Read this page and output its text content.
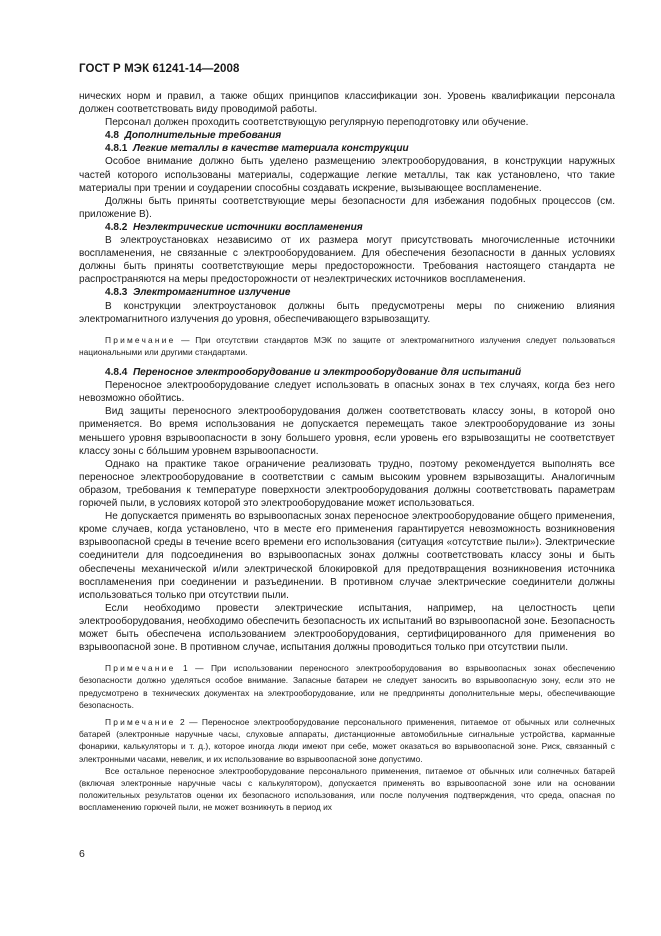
ГОСТ Р МЭК 61241-14—2008

нических норм и правил, а также общих принципов классификации зон. Уровень квалификации персонала должен соответствовать виду проводимой работы.

Персонал должен проходить соответствующую регулярную переподготовку или обучение.

4.8 Дополнительные требования

4.8.1 Легкие металлы в качестве материала конструкции

Особое внимание должно быть уделено размещению электрооборудования, в конструкции наружных частей которого использованы материалы, содержащие легкие металлы, так как установлено, что такие материалы при трении и соударении способны создавать искрение, вызывающее воспламенение.

Должны быть приняты соответствующие меры безопасности для избежания подобных процессов (см. приложение В).

4.8.2 Неэлектрические источники воспламенения

В электроустановках независимо от их размера могут присутствовать многочисленные источники воспламенения, не связанные с электрооборудованием. Для обеспечения безопасности в данных условиях должны быть приняты соответствующие меры предосторожности. Требования настоящего стандарта не распространяются на меры предосторожности от неэлектрических источников воспламенения.

4.8.3 Электромагнитное излучение

В конструкции электроустановок должны быть предусмотрены меры по снижению влияния электромагнитного излучения до уровня, обеспечивающего взрывозащиту.

Примечание — При отсутствии стандартов МЭК по защите от электромагнитного излучения следует пользоваться национальными или другими стандартами.

4.8.4 Переносное электрооборудование и электрооборудование для испытаний

Переносное электрооборудование следует использовать в опасных зонах в тех случаях, когда без него невозможно обойтись.

Вид защиты переносного электрооборудования должен соответствовать классу зоны, в которой оно применяется. Во время использования не допускается перемещать такое электрооборудование из зоны меньшего уровня взрывоопасности в зону большего уровня, если уровень его взрывозащиты не соответствует классу зоны с бóльшим уровнем взрывоопасности.

Однако на практике такое ограничение реализовать трудно, поэтому рекомендуется выполнять все переносное электрооборудование в соответствии с самым высоким уровнем взрывозащиты. Аналогичным образом, требования к температуре поверхности электрооборудования должны соответствовать параметрам горючей пыли, в условиях которой это электрооборудование может использоваться.

Не допускается применять во взрывоопасных зонах переносное электрооборудование общего применения, кроме случаев, когда установлено, что в месте его применения гарантируется невозможность возникновения взрывоопасной среды в течение всего времени его использования (ситуация «отсутствие пыли»). Электрические соединители для подсоединения во взрывоопасных зонах должны соответствовать классу зоны и быть обеспечены механической и/или электрической блокировкой для предотвращения возникновения источника воспламенения при соединении и разъединении. В противном случае электрические соединители должны использоваться только при отсутствии пыли.

Если необходимо провести электрические испытания, например, на целостность цепи электрооборудования, необходимо обеспечить безопасность их испытаний во взрывоопасной зоне. Безопасность может быть обеспечена использованием электрооборудования, сертифицированного для применения во взрывоопасной зоне. В противном случае, испытания должны проводиться только при отсутствии пыли.

Примечание 1 — При использовании переносного электрооборудования во взрывоопасных зонах обеспечению безопасности должно уделяться особое внимание. Запасные батареи не следует заносить во взрывоопасную зону, если это не предусмотрено в технических документах на электрооборудование, или не предприняты дополнительные меры, обеспечивающие безопасность.

Примечание 2 — Переносное электрооборудование персонального применения, питаемое от обычных или солнечных батарей (электронные наручные часы, слуховые аппараты, дистанционные автомобильные сигнальные устройства, карманные фонарики, калькуляторы и т. д.), которое иногда люди имеют при себе, может оказаться во взрывоопасной зоне. Риск, связанный с электронными часами, невелик, и их использование во взрывоопасной зоне допустимо.

Все остальное переносное электрооборудование персонального применения, питаемое от обычных или солнечных батарей (включая электронные наручные часы с калькулятором), допускается применять во взрывоопасной зоне или на основании положительных результатов оценки их безопасного использования, или после получения подтверждения, что среда, опасная по воспламенению горючей пыли, не может возникнуть в период их

6
